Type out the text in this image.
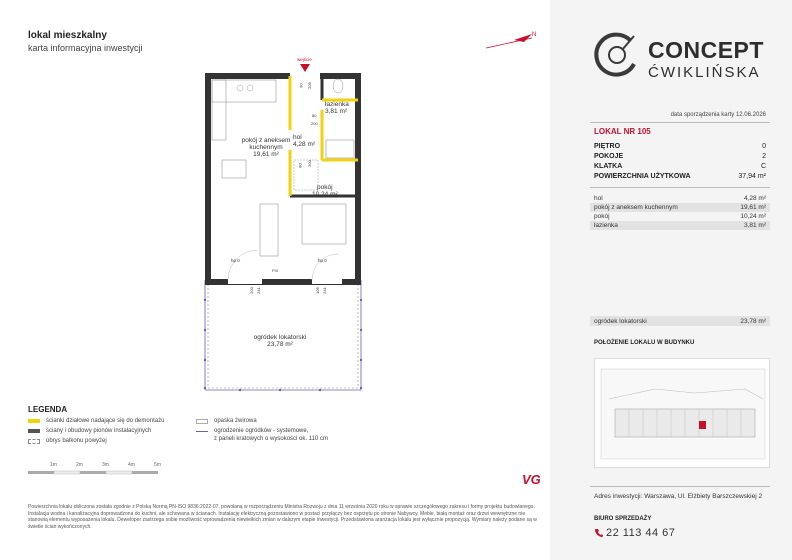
lokal mieszkalny
karta informacyjna inwestycji
N
wejście
pokój z aneksem
kuchennym
19,61 m²
hol
4,28 m²
łazienka
3,81 m²
pokój
10,24 m²
ogródek lokatorski
23,78 m²
hp 0	hp 0
FIX
90 209
80
200
80 200
200 241	105 241
LEGENDA
ścianki działowe nadające się do demontażu
ściany i obudowy pionów instalacyjnych
obrys balkonu powyżej
opaska żwirowa
ogrodzenie ogródków - systemowe,
z paneli kratowych o wysokości ok. 110 cm
1m	2m	3m	4m	5m
VG
Powierzchnia lokalu obliczona została zgodnie z Polską Normą PN-ISO 9836:2022-07, powołaną w rozporządzeniu Ministra Rozwoju z dnia 11 września 2020 roku w sprawie szczegółowego zakresu i formy projektu budowlanego. Instalacja wodna i kanalizacyjna doprowadzona do kuchni, ale schowana w ścianach. Instalację elektryczną pozostawiono w postaci przyłączy bez osprzętu po stronie Nabywcy. Meble, białą montaż oraz drzwi wewnętrzne nie stanowią elementu wyposażenia lokalu. Deweloper zastrzega sobie możliwość wprowadzenia niewielkich zmian w dalszym etapie inwestycji. Przedstawiona aranżacja lokalu jest wyłącznie propozycją. Wymiary należy podane są w świetle ścian wykończonych.
CONCEPT
ĆWIKLIŃSKA
data sporządzenia karty 12.06.2026
LOKAL NR 105
PIĘTRO	0
POKOJE	2
KLATKA	C
POWIERZCHNIA UŻYTKOWA	37,94 m²
hol	4,28 m²
pokój z aneksem kuchennym	19,61 m²
pokój	10,24 m²
łazienka	3,81 m²
ogródek lokatorski	23,78 m²
POŁOŻENIE LOKALU W BUDYNKU
Adres inwestycji: Warszawa, Ul. Elżbiety Barszczewskiej 2
BIURO SPRZEDAŻY
22 113 44 67
